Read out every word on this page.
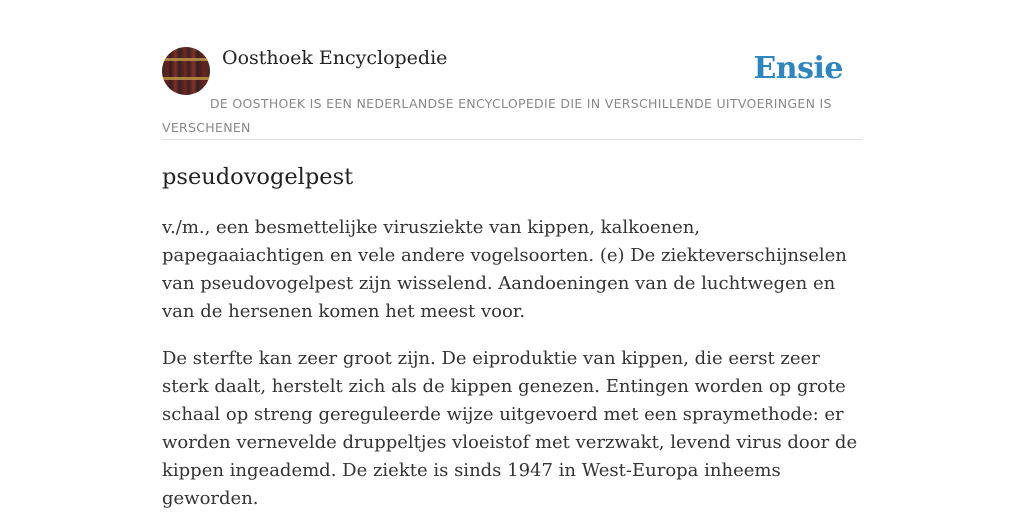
Oosthoek Encyclopedie	Ensie
DE OOSTHOEK IS EEN NEDERLANDSE ENCYCLOPEDIE DIE IN VERSCHILLENDE UITVOERINGEN IS VERSCHENEN
pseudovogelpest

v./m., een besmettelijke virusziekte van kippen, kalkoenen, papegaaiachtigen en vele andere vogelsoorten. (e) De ziekteverschijnselen van pseudovogelpest zijn wisselend. Aandoeningen van de luchtwegen en van de hersenen komen het meest voor.

De sterfte kan zeer groot zijn. De eiproduktie van kippen, die eerst zeer sterk daalt, herstelt zich als de kippen genezen. Entingen worden op grote schaal op streng gereguleerde wijze uitgevoerd met een spraymethode: er worden vernevelde druppeltjes vloeistof met verzwakt, levend virus door de kippen ingeademd. De ziekte is sinds 1947 in West-Europa inheems geworden.
